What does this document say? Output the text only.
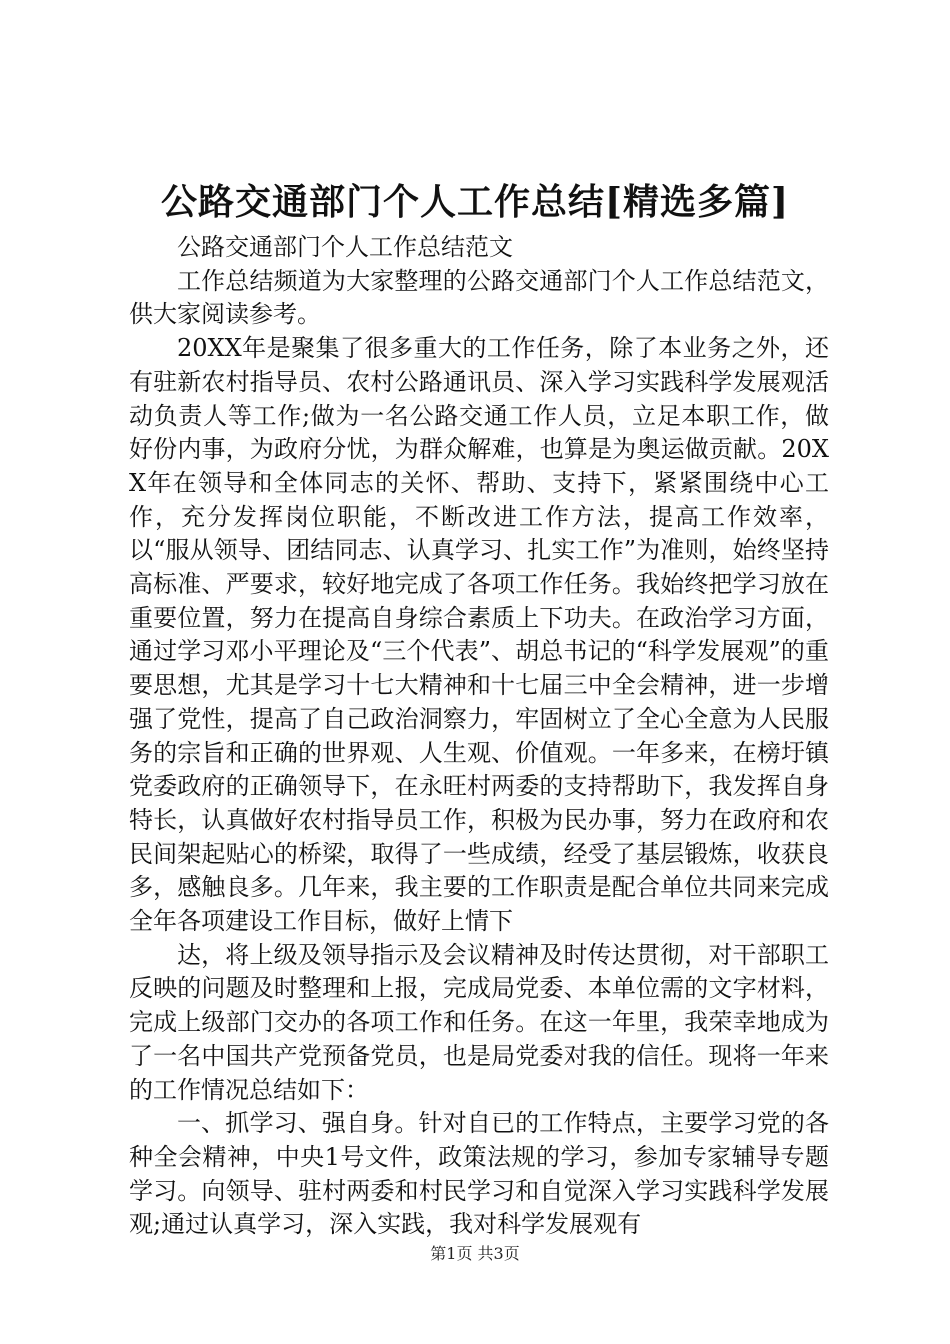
公路交通部门个人工作总结[精选多篇]

公路交通部门个人工作总结范文

工作总结频道为大家整理的公路交通部门个人工作总结范文，供大家阅读参考。

20XX年是聚集了很多重大的工作任务，除了本业务之外，还有驻新农村指导员、农村公路通讯员、深入学习实践科学发展观活动负责人等工作;做为一名公路交通工作人员，立足本职工作，做好份内事，为政府分忧，为群众解难，也算是为奥运做贡献。20XX年在领导和全体同志的关怀、帮助、支持下，紧紧围绕中心工作，充分发挥岗位职能，不断改进工作方法，提高工作效率，以“服从领导、团结同志、认真学习、扎实工作”为准则，始终坚持高标准、严要求，较好地完成了各项工作任务。我始终把学习放在重要位置，努力在提高自身综合素质上下功夫。在政治学习方面，通过学习邓小平理论及“三个代表”、胡总书记的“科学发展观”的重要思想，尤其是学习十七大精神和十七届三中全会精神，进一步增强了党性，提高了自己政治洞察力，牢固树立了全心全意为人民服务的宗旨和正确的世界观、人生观、价值观。一年多来，在榜圩镇党委政府的正确领导下，在永旺村两委的支持帮助下，我发挥自身特长，认真做好农村指导员工作，积极为民办事，努力在政府和农民间架起贴心的桥梁，取得了一些成绩，经受了基层锻炼，收获良多，感触良多。几年来，我主要的工作职责是配合单位共同来完成全年各项建设工作目标，做好上情下

达，将上级及领导指示及会议精神及时传达贯彻，对干部职工反映的问题及时整理和上报，完成局党委、本单位需的文字材料，完成上级部门交办的各项工作和任务。在这一年里，我荣幸地成为了一名中国共产党预备党员，也是局党委对我的信任。现将一年来的工作情况总结如下：

一、抓学习、强自身。针对自已的工作特点，主要学习党的各种全会精神，中央1号文件，政策法规的学习，参加专家辅导专题学习。向领导、驻村两委和村民学习和自觉深入学习实践科学发展观;通过认真学习，深入实践，我对科学发展观有

第1页 共3页
